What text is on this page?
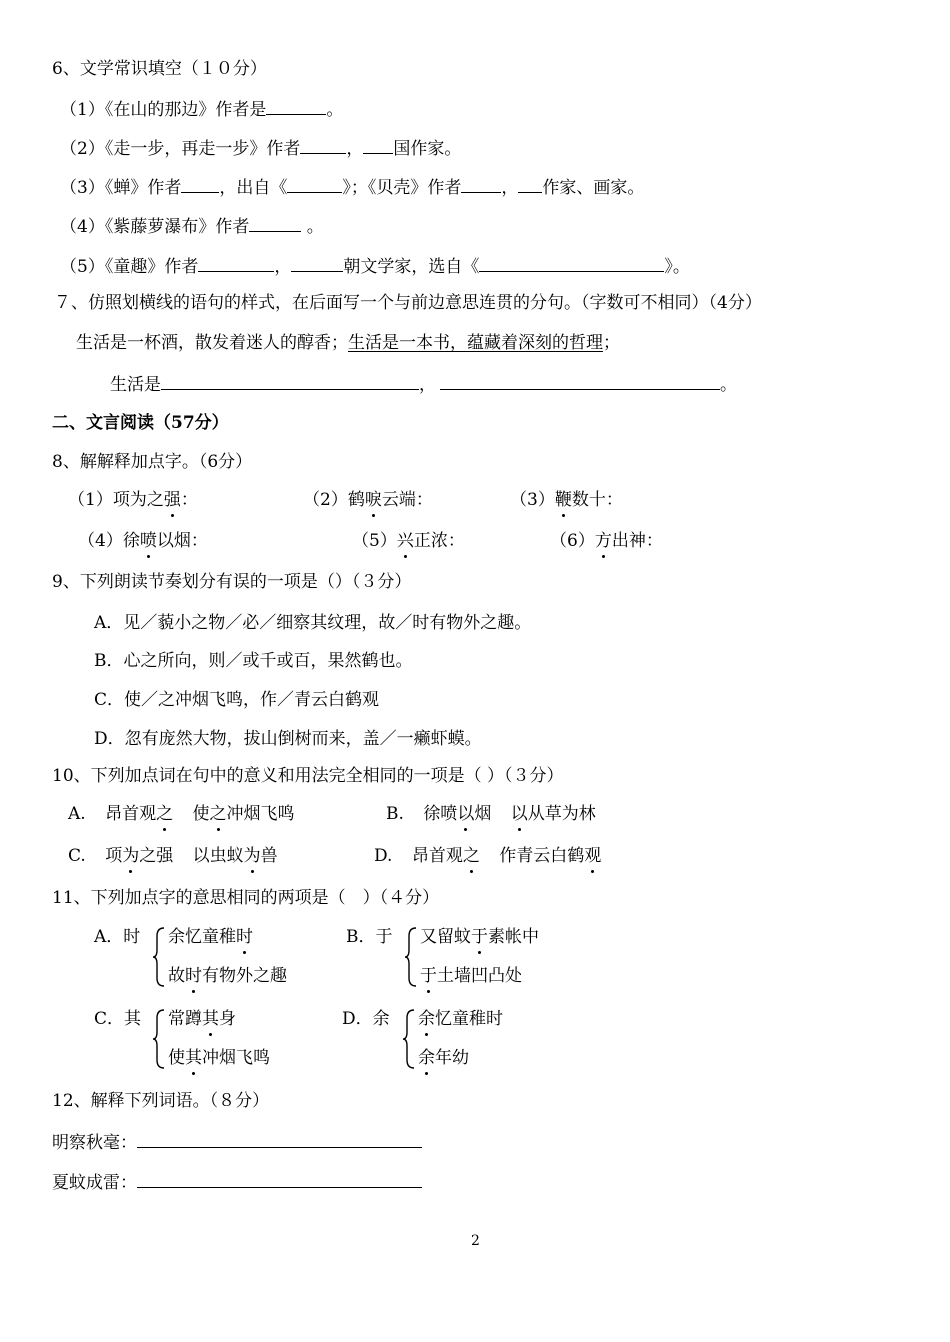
6、文学常识填空（１０分）
（1）《在山的那边》作者是	。
（2）《走一步，再走一步》作者	， 国作家。
（3）《蝉》作者 ，出自《	》；《贝壳》作者 ， 作家、画家。
（4）《紫藤萝瀑布》作者	。
（5）《童趣》作者	，	朝文学家，选自《	》。
７、仿照划横线的语句的样式，在后面写一个与前边意思连贯的分句。（字数可不相同）（4分）
生活是一杯酒，散发着迷人的醇香；生活是一本书，蕴藏着深刻的哲理；
生活是	，	。
二、文言阅读（57分）
8、解解释加点字。（6分）
（1）项为之强：	（2）鹤唳云端：	（3）鞭数十：
（4）徐喷以烟：	（5）兴正浓：	（6）方出神：
9、下列朗读节奏划分有误的一项是（）（３分）
A．见／藐小之物／必／细察其纹理，故／时有物外之趣。
B．心之所向，则／或千或百，果然鹤也。
C．使／之冲烟飞鸣，作／青云白鹤观
D．忽有庞然大物，拔山倒树而来，盖／一癞虾蟆。
10、下列加点词在句中的意义和用法完全相同的一项是（ ）（３分）
A. 昂首观之 使之冲烟飞鸣	B. 徐喷以烟 以从草为林
C. 项为之强 以虫蚁为兽	D. 昂首观之 作青云白鹤观
11、下列加点字的意思相同的两项是（　）（４分）
A．时 余忆童稚时
故时有物外之趣
B．于 又留蚊于素帐中
于土墙凹凸处
C．其 常蹲其身
使其冲烟飞鸣
D．余 余忆童稚时
余年幼
12、解释下列词语。（８分）
明察秋毫：
夏蚊成雷：
2
